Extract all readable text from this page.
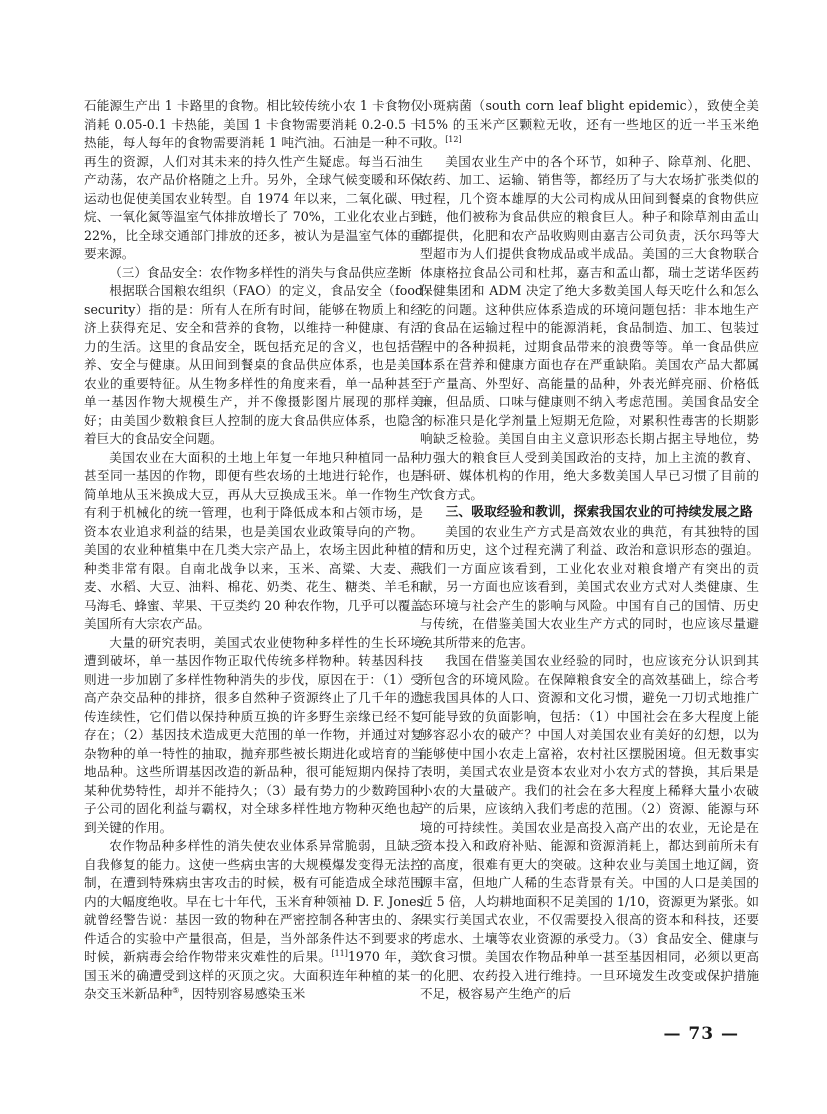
石能源生产出 1 卡路里的食物。相比较传统小农 1 卡食物仅消耗 0.05-0.1 卡热能，美国 1 卡食物需要消耗 0.2-0.5 卡热能，每人每年的食物需要消耗 1 吨汽油。石油是一种不可再生的资源，人们对其未来的持久性产生疑虑。每当石油生产动荡，农产品价格随之上升。另外，全球气候变暖和环保运动也促使美国农业转型。自 1974 年以来，二氧化碳、甲烷、一氧化氮等温室气体排放增长了 70%，工业化农业占到 22%，比全球交通部门排放的还多，被认为是温室气体的重要来源。

（三）食品安全：农作物多样性的消失与食品供应垄断

根据联合国粮农组织（FAO）的定义，食品安全（food security）指的是：所有人在所有时间，能够在物质上和经济上获得充足、安全和营养的食物，以维持一种健康、有活力的生活。这里的食品安全，既包括充足的含义，也包括营养、安全与健康。从田间到餐桌的食品供应体系，也是美国农业的重要特征。从生物多样性的角度来看，单一品种甚至单一基因作物大规模生产，并不像摄影图片展现的那样美好；由美国少数粮食巨人控制的庞大食品供应体系，也隐含着巨大的食品安全问题。

美国农业在大面积的土地上年复一年地只种植同一品种甚至同一基因的作物，即便有些农场的土地进行轮作，也是简单地从玉米换成大豆，再从大豆换成玉米。单一作物生产有利于机械化的统一管理，也利于降低成本和占领市场，是资本农业追求利益的结果，也是美国农业政策导向的产物。美国的农业种植集中在几类大宗产品上，农场主因此种植的种类非常有限。自南北战争以来，玉米、高粱、大麦、燕麦、水稻、大豆、油料、棉花、奶类、花生、糖类、羊毛和马海毛、蜂蜜、苹果、干豆类约 20 种农作物，几乎可以覆盖美国所有大宗农产品。

大量的研究表明，美国式农业使物种多样性的生长环境遭到破坏，单一基因作物正取代传统多样物种。转基因科技则进一步加剧了多样性物种消失的步伐，原因在于：（1）受高产杂交品种的排挤，很多自然种子资源终止了几千年的遗传连续性，它们借以保持种质互换的许多野生亲缘已经不复存在；（2）基因技术造成更大范围的单一作物，并通过对复杂物种的单一特性的抽取，抛弃那些被长期进化或培育的当地品种。这些所谓基因改造的新品种，很可能短期内保持了某种优势特性，却并不能持久；（3）最有势力的少数跨国种子公司的固化利益与霸权，对全球多样性地方物种灭绝也起到关键的作用。

农作物品种多样性的消失使农业体系异常脆弱，且缺乏自我修复的能力。这使一些病虫害的大规模爆发变得无法控制，在遭到特殊病虫害攻击的时候，极有可能造成全球范围内的大幅度绝收。早在七十年代，玉米育种领袖 D. F. Jones 就曾经警告说：基因一致的物种在严密控制各种害虫的、条件适合的实验中产量很高，但是，当外部条件达不到要求的时候，新病毒会给作物带来灾难性的后果。[11]1970 年，美国玉米的确遭受到这样的灭顶之灾。大面积连年种植的某一杂交玉米新品种⑤，因特别容易感染玉米

小斑病菌（south corn leaf blight epidemic），致使全美 15% 的玉米产区颗粒无收，还有一些地区的近一半玉米绝收。[12]

美国农业生产中的各个环节，如种子、除草剂、化肥、农药、加工、运输、销售等，都经历了与大农场扩张类似的过程，几个资本雄厚的大公司构成从田间到餐桌的食物供应链，他们被称为食品供应的粮食巨人。种子和除草剂由孟山都提供，化肥和农产品收购则由嘉吉公司负责，沃尔玛等大型超市为人们提供食物成品或半成品。美国的三大食物联合体康格拉食品公司和杜邦，嘉吉和孟山都，瑞士芝诺华医药保健集团和 ADM 决定了绝大多数美国人每天吃什么和怎么吃的问题。这种供应体系造成的环境问题包括：非本地生产的食品在运输过程中的能源消耗，食品制造、加工、包装过程中的各种损耗，过期食品带来的浪费等等。单一食品供应体系在营养和健康方面也存在严重缺陷。美国农产品大都属于产量高、外型好、高能量的品种，外表光鲜亮丽、价格低廉，但品质、口味与健康则不纳入考虑范围。美国食品安全的标准只是化学剂量上短期无危险，对累积性毒害的长期影响缺乏检验。美国自由主义意识形态长期占据主导地位，势力强大的粮食巨人受到美国政治的支持，加上主流的教育、科研、媒体机构的作用，绝大多数美国人早已习惯了目前的饮食方式。

三、吸取经验和教训，探索我国农业的可持续发展之路

美国的农业生产方式是高效农业的典范，有其独特的国情和历史，这个过程充满了利益、政治和意识形态的强迫。我们一方面应该看到，工业化农业对粮食增产有突出的贡献，另一方面也应该看到，美国式农业方式对人类健康、生态环境与社会产生的影响与风险。中国有自己的国情、历史与传统，在借鉴美国大农业生产方式的同时，也应该尽量避免其所带来的危害。

我国在借鉴美国农业经验的同时，也应该充分认识到其所包含的环境风险。在保障粮食安全的高效基础上，综合考虑我国具体的人口、资源和文化习惯，避免一刀切式地推广可能导致的负面影响，包括：（1）中国社会在多大程度上能够容忍小农的破产？中国人对美国农业有美好的幻想，以为能够使中国小农走上富裕，农村社区摆脱困境。但无数事实表明，美国式农业是资本农业对小农方式的替换，其后果是小农的大量破产。我们的社会在多大程度上稀释大量小农破产的后果，应该纳入我们考虑的范围。（2）资源、能源与环境的可持续性。美国农业是高投入高产出的农业，无论是在资本投入和政府补贴、能源和资源消耗上，都达到前所未有的高度，很难有更大的突破。这种农业与美国土地辽阔，资源丰富，但地广人稀的生态背景有关。中国的人口是美国的近 5 倍，人均耕地面积不足美国的 1/10，资源更为紧张。如果实行美国式农业，不仅需要投入很高的资本和科技，还要考虑水、土壤等农业资源的承受力。（3）食品安全、健康与饮食习惯。美国农作物品种单一甚至基因相同，必须以更高的化肥、农药投入进行维持。一旦环境发生改变或保护措施不足，极容易产生绝产的后

— 73 —
